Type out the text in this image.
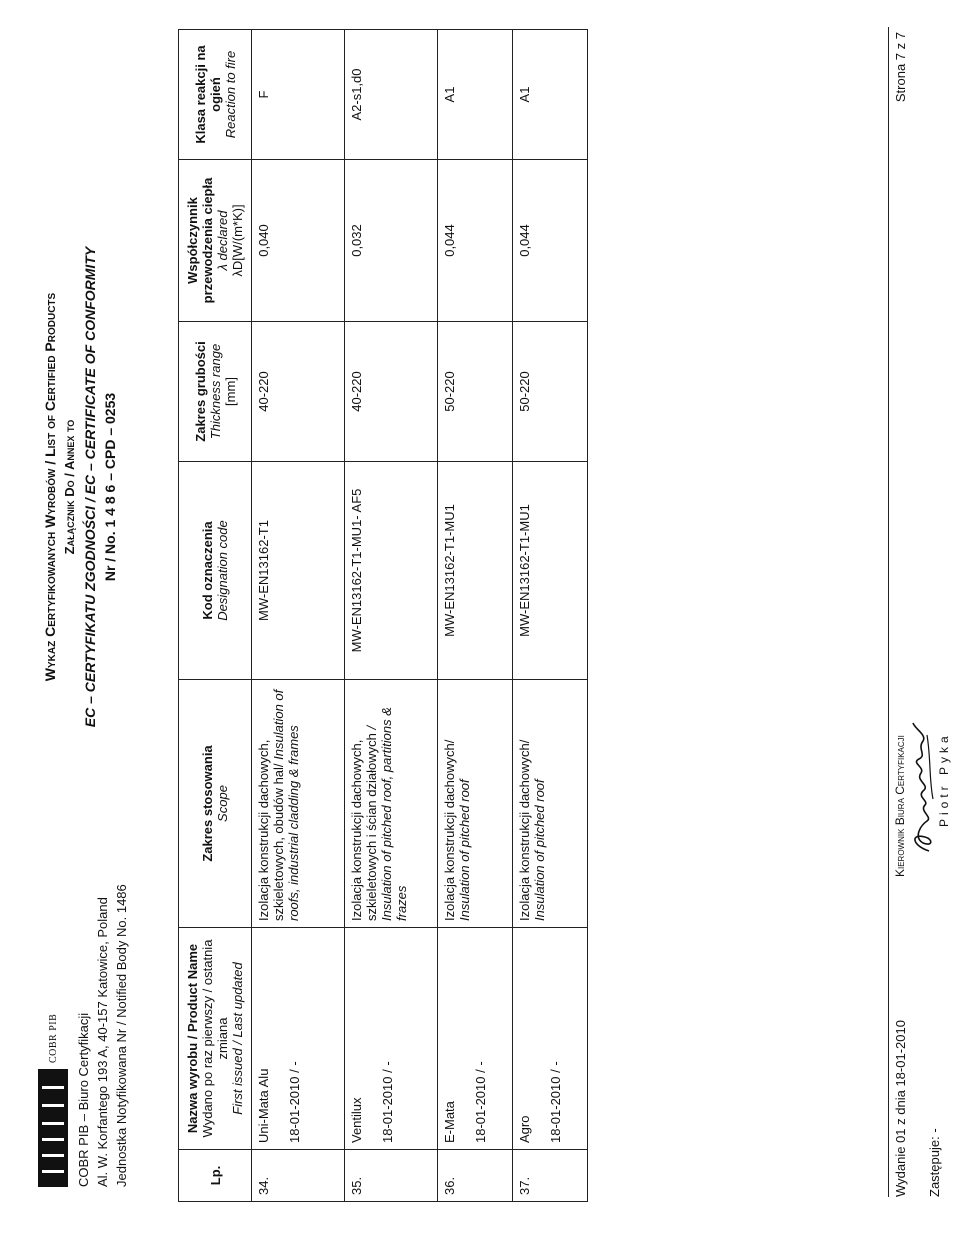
COBR PIB COBR PIB – Biuro Certyfikacji Al. W. Korfantego 193 A, 40-157 Katowice, Poland Jednostka Notyfikowana Nr / Notified Body No. 1486
Wykaz Certyfikowanych Wyrobów / List of Certified Products Załącznik Do / Annex to EC – CERTYFIKATU ZGODNOŚCI / EC – CERTIFICATE OF CONFORMITY Nr / No. 1 4 8 6 – CPD – 0253
Lp.	Nazwa wyrobu / Product Name Wydano po raz pierwszy / ostatnia zmiana First issued / Last updated	Zakres stosowania Scope	Kod oznaczenia Designation code	Zakres grubości Thickness range [mm]	Współczynnik przewodzenia ciepła λ declared λD[W/(m*K)]	Klasa reakcji na ogień Reaction to fire

34.	Uni-Mata Alu 18-01-2010 / -	Izolacja konstrukcji dachowych, szkieletowych, obudów hal/ Insulation of roofs, industrial cladding & frames	MW-EN13162-T1	40-220	0,040	F
35.	Ventilux 18-01-2010 / -	Izolacja konstrukcji dachowych, szkieletowych i ścian działowych / Insulation of pitched roof, partitions & frazes	MW-EN13162-T1-MU1- AF5	40-220	0,032	A2-s1,d0
36.	E-Mata 18-01-2010 / -	Izolacja konstrukcji dachowych/ Insulation of pitched roof	MW-EN13162-T1-MU1	50-220	0,044	A1
37.	Agro 18-01-2010 / -	Izolacja konstrukcji dachowych/ Insulation of pitched roof	MW-EN13162-T1-MU1	50-220	0,044	A1
Wydanie 01 z dnia 18-01-2010 Zastępuje: -
Kierownik Biura Certyfikacji	Piotr Pyka
Strona 7 z 7
